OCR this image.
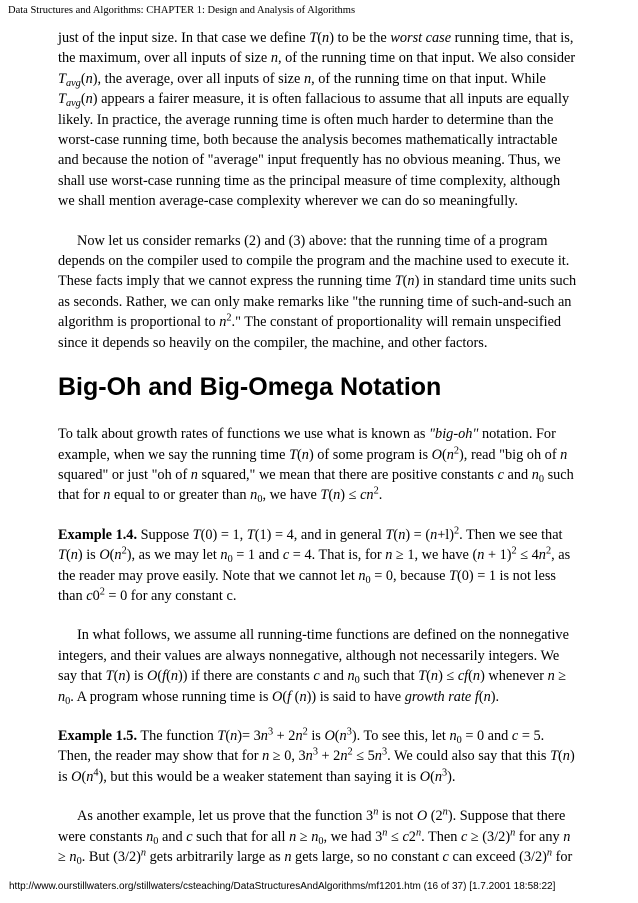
Data Structures and Algorithms: CHAPTER 1: Design and Analysis of Algorithms

just of the input size. In that case we define T(n) to be the worst case running time, that is, the maximum, over all inputs of size n, of the running time on that input. We also consider $T_{avg}(n)$, the average, over all inputs of size n, of the running time on that input. While $T_{avg}(n)$ appears a fairer measure, it is often fallacious to assume that all inputs are equally likely. In practice, the average running time is often much harder to determine than the worst-case running time, both because the analysis becomes mathematically intractable and because the notion of "average" input frequently has no obvious meaning. Thus, we shall use worst-case running time as the principal measure of time complexity, although we shall mention average-case complexity wherever we can do so meaningfully.

Now let us consider remarks (2) and (3) above: that the running time of a program depends on the compiler used to compile the program and the machine used to execute it. These facts imply that we cannot express the running time T(n) in standard time units such as seconds. Rather, we can only make remarks like "the running time of such-and-such an algorithm is proportional to $n^2$." The constant of proportionality will remain unspecified since it depends so heavily on the compiler, the machine, and other factors.

Big-Oh and Big-Omega Notation

To talk about growth rates of functions we use what is known as "big-oh" notation. For example, when we say the running time T(n) of some program is $O(n^2)$, read "big oh of n squared" or just "oh of n squared," we mean that there are positive constants c and $n_0$ such that for n equal to or greater than $n_0$, we have $T(n) \le cn^2$.

Example 1.4. Suppose T(0) = 1, T(1) = 4, and in general $T(n) = (n+l)^2$. Then we see that T(n) is $O(n^2)$, as we may let $n_0 = 1$ and c = 4. That is, for n ≥ 1, we have $(n + 1)^2 \le 4n^2$, as the reader may prove easily. Note that we cannot let $n_0 = 0$, because T(0) = 1 is not less than $c0^2 = 0$ for any constant c.

In what follows, we assume all running-time functions are defined on the nonnegative integers, and their values are always nonnegative, although not necessarily integers. We say that T(n) is O(f(n)) if there are constants c and $n_0$ such that T(n) ≤ cf(n) whenever $n \ge n_0$. A program whose running time is O(f (n)) is said to have growth rate f(n).

Example 1.5. The function $T(n)= 3n^3 + 2n^2$ is $O(n^3)$. To see this, let $n_0 = 0$ and c = 5. Then, the reader may show that for n ≥ 0, $3n^3 + 2n^2 \le 5n^3$. We could also say that this T(n) is $O(n^4)$, but this would be a weaker statement than saying it is $O(n^3)$.

As another example, let us prove that the function 3$^n$ is not O (2$^n$). Suppose that there were constants $n_0$ and c such that for all $n \ge n_0$, we had $3^n \le c2^n$. Then $c \ge (3/2)^n$ for any $n \ge n_0$. But $(3/2)^n$ gets arbitrarily large as n gets large, so no constant c can exceed $(3/2)^n$ for

http://www.ourstillwaters.org/stillwaters/csteaching/DataStructuresAndAlgorithms/mf1201.htm (16 of 37) [1.7.2001 18:58:22]
